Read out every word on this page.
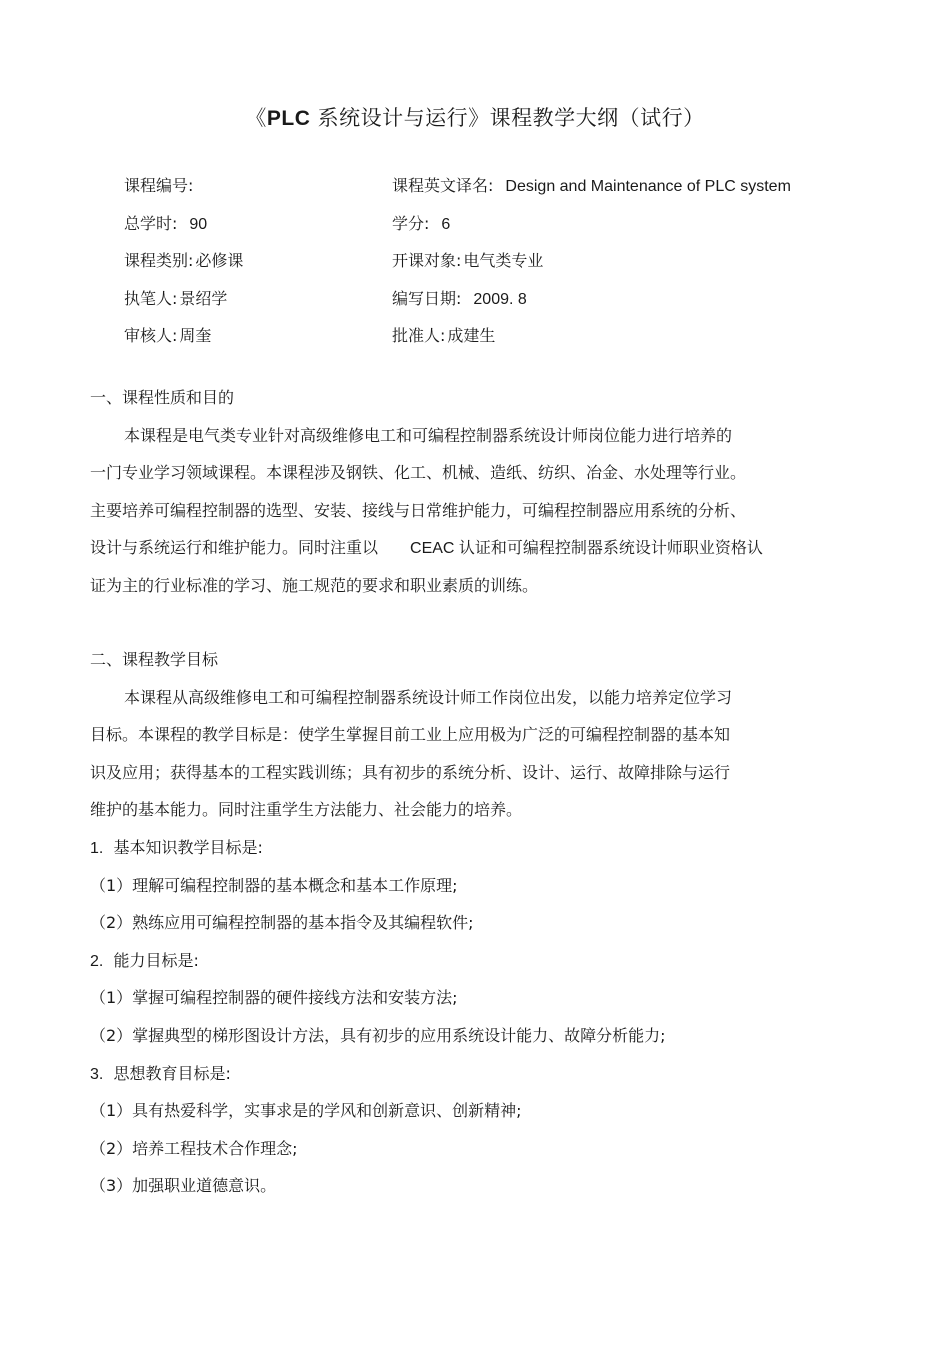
《PLC 系统设计与运行》课程教学大纲（试行）
课程编号:	课程英文译名: Design and Maintenance of PLC system
总学时: 90	学分: 6
课程类别: 必修课	开课对象: 电气类专业
执笔人: 景绍学	编写日期: 2009. 8
审核人: 周奎	批准人: 成建生
一、课程性质和目的
本课程是电气类专业针对高级维修电工和可编程控制器系统设计师岗位能力进行培养的
一门专业学习领域课程。本课程涉及钢铁、化工、机械、造纸、纺织、冶金、水处理等行业。
主要培养可编程控制器的选型、安装、接线与日常维护能力，可编程控制器应用系统的分析、
设计与系统运行和维护能力。同时注重以 CEAC 认证和可编程控制器系统设计师职业资格认
证为主的行业标准的学习、施工规范的要求和职业素质的训练。
二、课程教学目标
本课程从高级维修电工和可编程控制器系统设计师工作岗位出发，以能力培养定位学习
目标。本课程的教学目标是：使学生掌握目前工业上应用极为广泛的可编程控制器的基本知
识及应用；获得基本的工程实践训练；具有初步的系统分析、设计、运行、故障排除与运行
维护的基本能力。同时注重学生方法能力、社会能力的培养。
1. 基本知识教学目标是:
（1）理解可编程控制器的基本概念和基本工作原理;
（2）熟练应用可编程控制器的基本指令及其编程软件;
2. 能力目标是:
（1）掌握可编程控制器的硬件接线方法和安装方法;
（2）掌握典型的梯形图设计方法，具有初步的应用系统设计能力、故障分析能力;
3. 思想教育目标是:
（1）具有热爱科学，实事求是的学风和创新意识、创新精神;
（2）培养工程技术合作理念;
（3）加强职业道德意识。
